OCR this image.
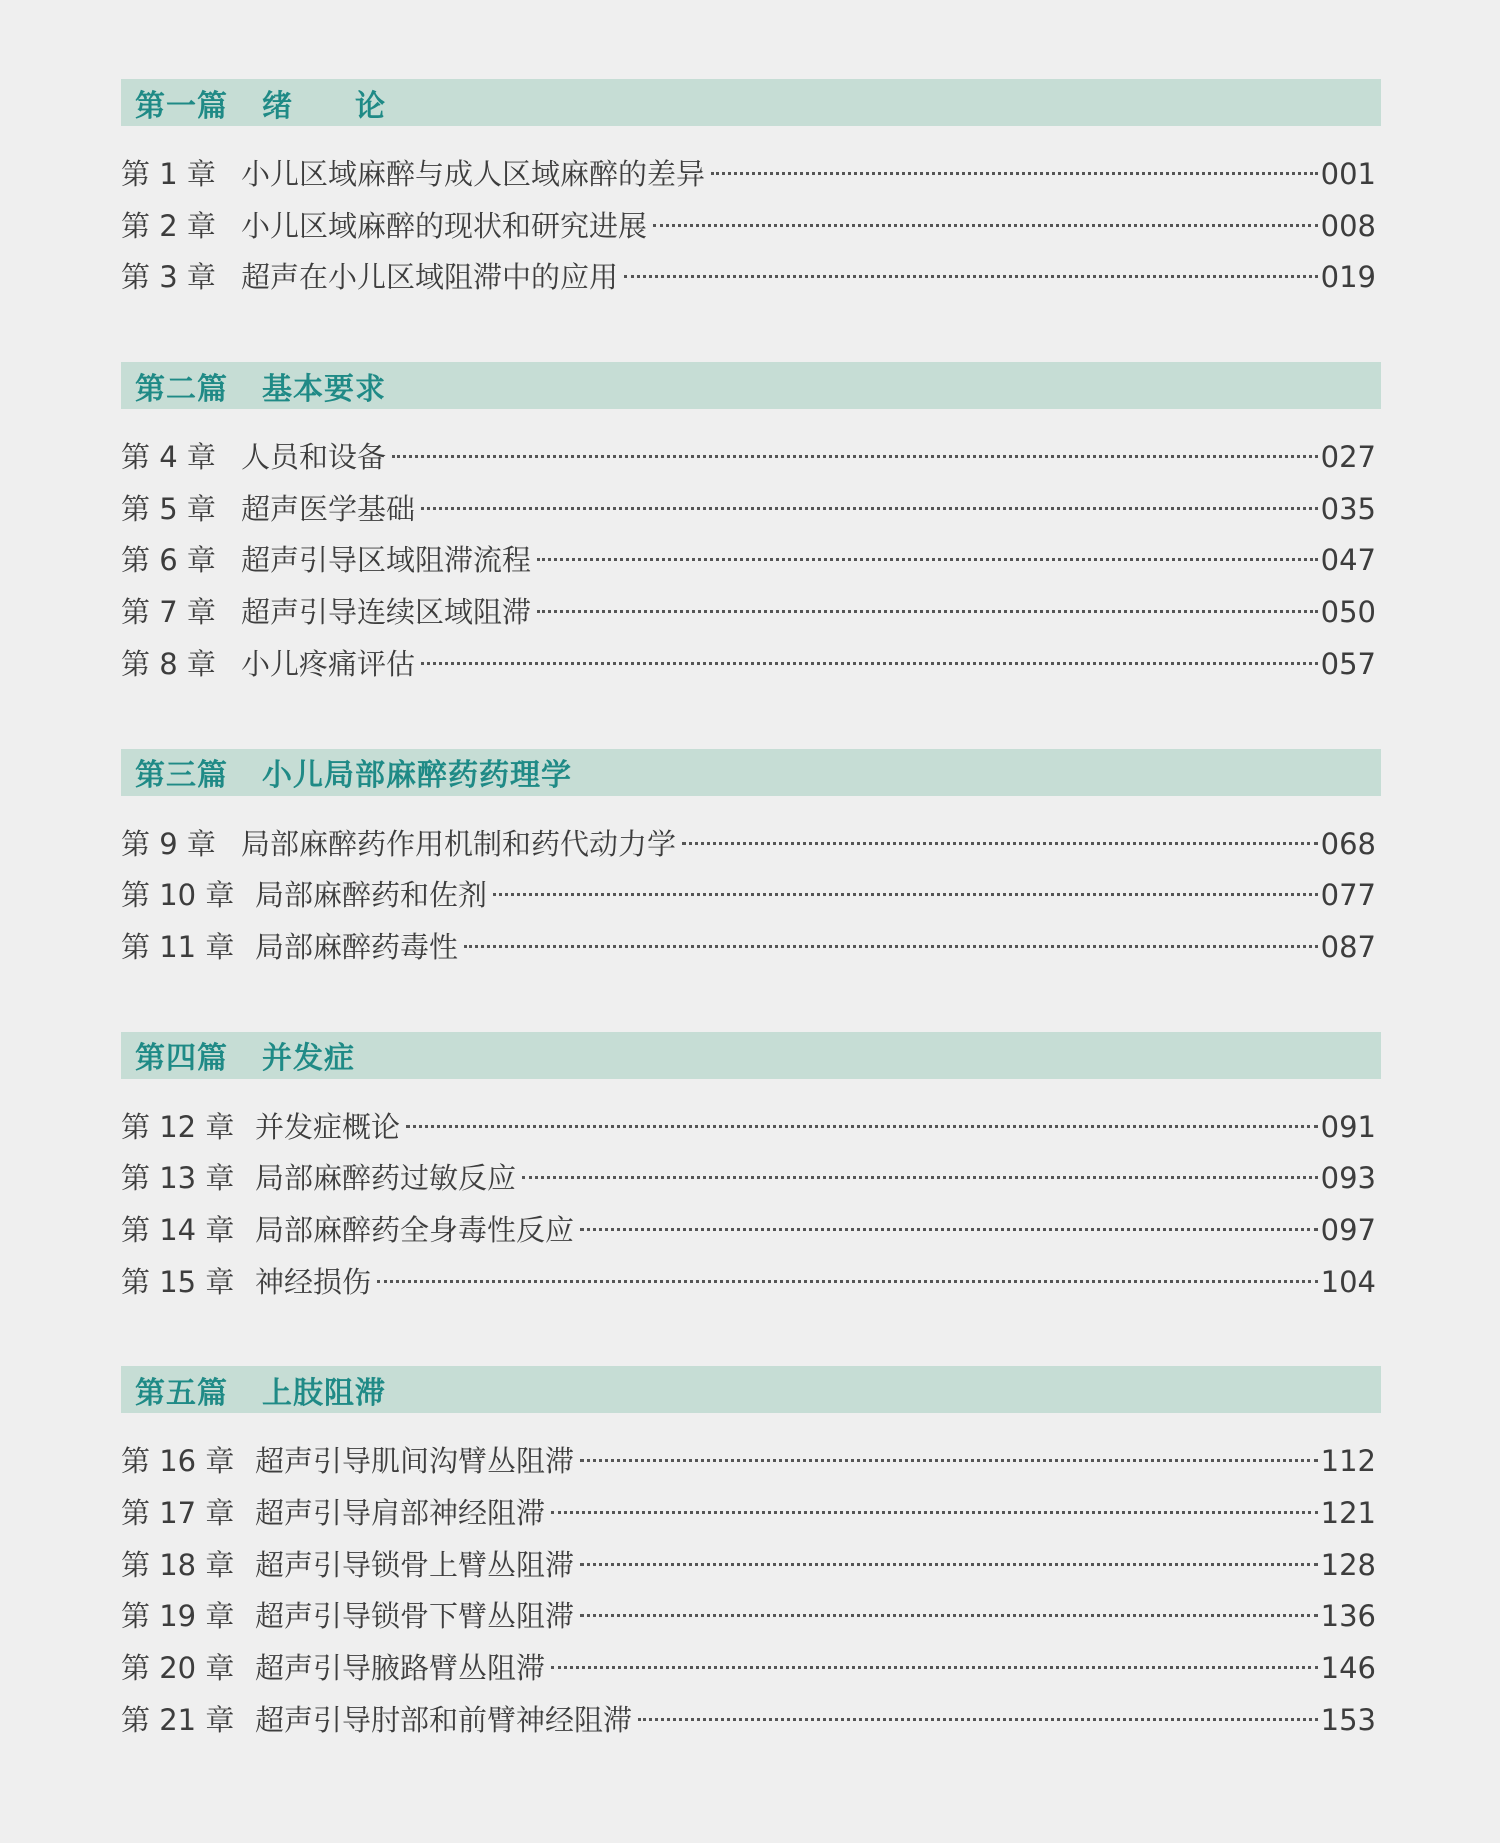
第一篇 绪　　论
第 1 章 小儿区域麻醉与成人区域麻醉的差异	001
第 2 章 小儿区域麻醉的现状和研究进展	008
第 3 章 超声在小儿区域阻滞中的应用	019
第二篇 基本要求
第 4 章 人员和设备	027
第 5 章 超声医学基础	035
第 6 章 超声引导区域阻滞流程	047
第 7 章 超声引导连续区域阻滞	050
第 8 章 小儿疼痛评估	057
第三篇 小儿局部麻醉药药理学
第 9 章 局部麻醉药作用机制和药代动力学	068
第 10 章 局部麻醉药和佐剂	077
第 11 章 局部麻醉药毒性	087
第四篇 并发症
第 12 章 并发症概论	091
第 13 章 局部麻醉药过敏反应	093
第 14 章 局部麻醉药全身毒性反应	097
第 15 章 神经损伤	104
第五篇 上肢阻滞
第 16 章 超声引导肌间沟臂丛阻滞	112
第 17 章 超声引导肩部神经阻滞	121
第 18 章 超声引导锁骨上臂丛阻滞	128
第 19 章 超声引导锁骨下臂丛阻滞	136
第 20 章 超声引导腋路臂丛阻滞	146
第 21 章 超声引导肘部和前臂神经阻滞	153
